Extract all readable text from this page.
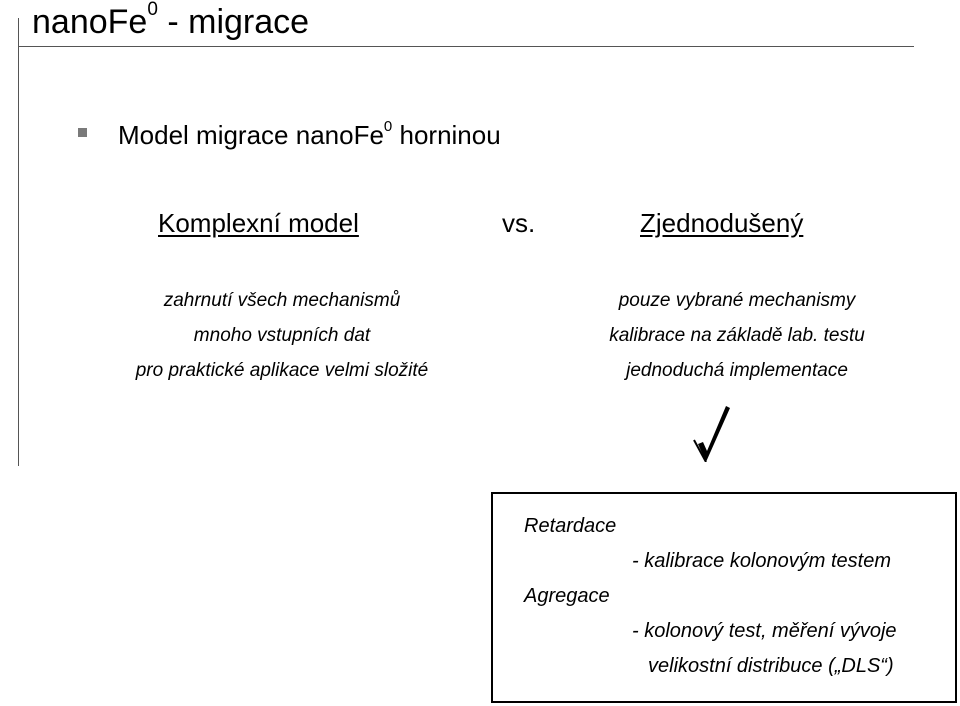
nanoFe$^0$ - migrace
Model migrace nanoFe$^0$ horninou
Komplexní model	vs.	Zjednodušený
zahrnutí všech mechanismů
mnoho vstupních dat
pro praktické aplikace velmi složité
pouze vybrané mechanismy
kalibrace na základě lab. testu
jednoduchá implementace
Retardace
- kalibrace kolonovým testem
Agregace
- kolonový test, měření vývoje
velikostní distribuce („DLS“)
